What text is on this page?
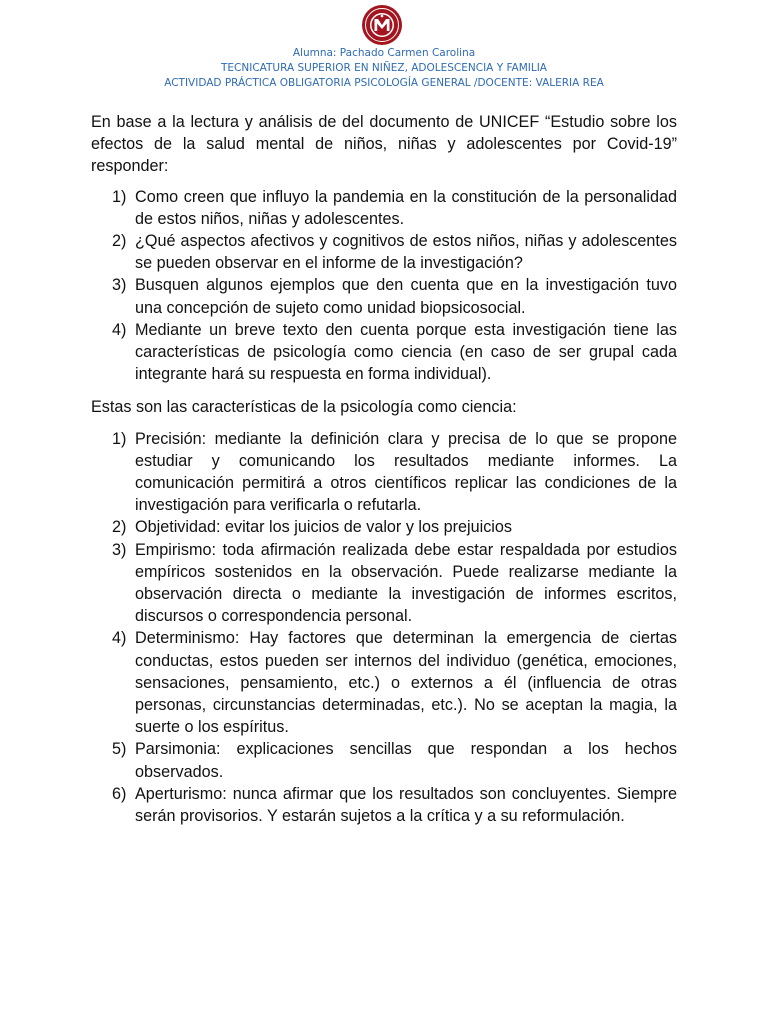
Alumna: Pachado Carmen Carolina
TECNICATURA SUPERIOR EN NIÑEZ, ADOLESCENCIA Y FAMILIA
ACTIVIDAD PRÁCTICA OBLIGATORIA PSICOLOGÍA GENERAL /DOCENTE: VALERIA REA

En base a la lectura y análisis de del documento de UNICEF “Estudio sobre los efectos de la salud mental de niños, niñas y adolescentes por Covid-19” responder:

1) Como creen que influyo la pandemia en la constitución de la personalidad de estos niños, niñas y adolescentes.
2) ¿Qué aspectos afectivos y cognitivos de estos niños, niñas y adolescentes se pueden observar en el informe de la investigación?
3) Busquen algunos ejemplos que den cuenta que en la investigación tuvo una concepción de sujeto como unidad biopsicosocial.
4) Mediante un breve texto den cuenta porque esta investigación tiene las características de psicología como ciencia (en caso de ser grupal cada integrante hará su respuesta en forma individual).

Estas son las características de la psicología como ciencia:

1) Precisión: mediante la definición clara y precisa de lo que se propone estudiar y comunicando los resultados mediante informes. La comunicación permitirá a otros científicos replicar las condiciones de la investigación para verificarla o refutarla.
2) Objetividad: evitar los juicios de valor y los prejuicios
3) Empirismo: toda afirmación realizada debe estar respaldada por estudios empíricos sostenidos en la observación. Puede realizarse mediante la observación directa o mediante la investigación de informes escritos, discursos o correspondencia personal.
4) Determinismo: Hay factores que determinan la emergencia de ciertas conductas, estos pueden ser internos del individuo (genética, emociones, sensaciones, pensamiento, etc.) o externos a él (influencia de otras personas, circunstancias determinadas, etc.). No se aceptan la magia, la suerte o los espíritus.
5) Parsimonia: explicaciones sencillas que respondan a los hechos observados.
6) Aperturismo: nunca afirmar que los resultados son concluyentes. Siempre serán provisorios. Y estarán sujetos a la crítica y a su reformulación.
